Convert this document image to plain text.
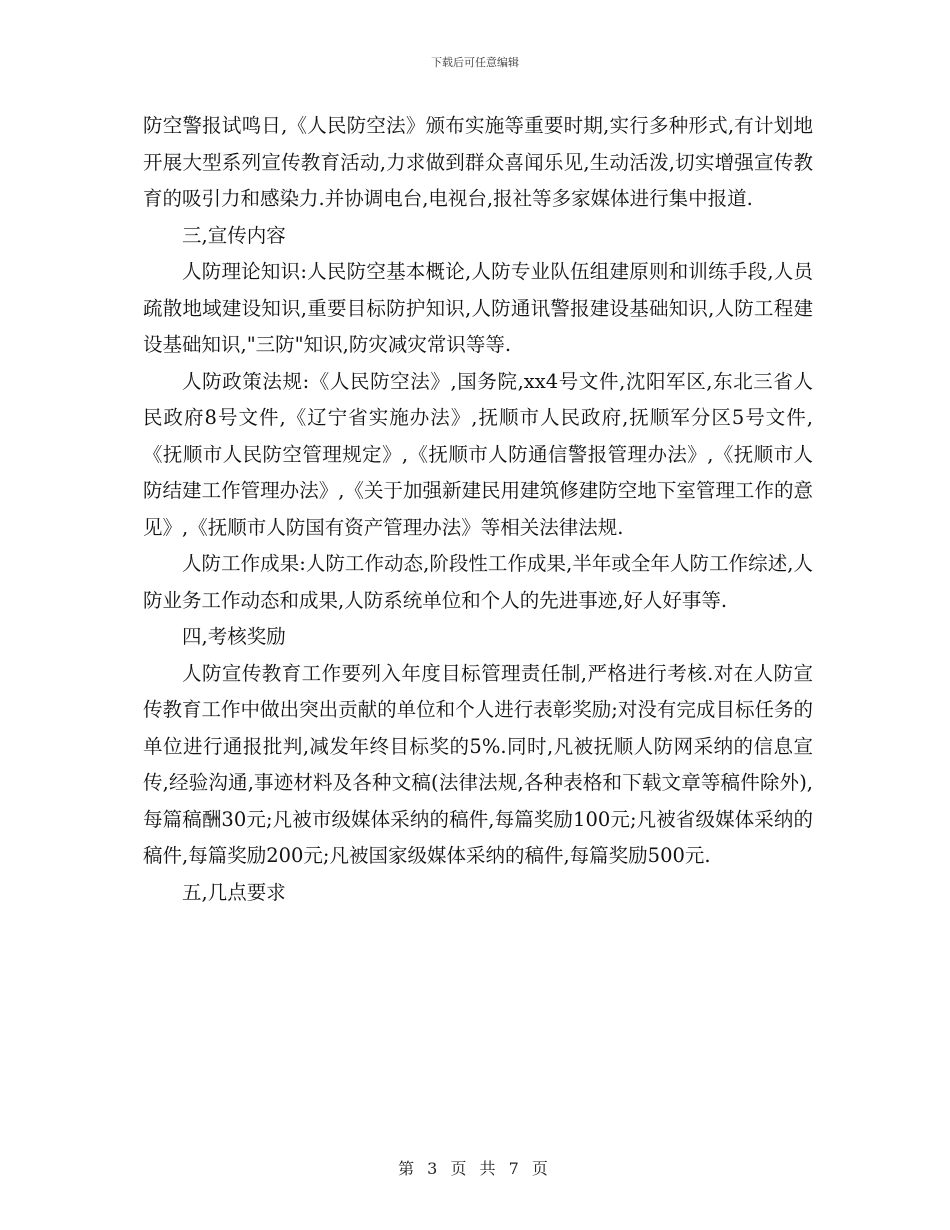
下载后可任意编辑

防空警报试鸣日,《人民防空法》颁布实施等重要时期,实行多种形式,有计划地开展大型系列宣传教育活动,力求做到群众喜闻乐见,生动活泼,切实增强宣传教育的吸引力和感染力.并协调电台,电视台,报社等多家媒体进行集中报道.

三,宣传内容

人防理论知识:人民防空基本概论,人防专业队伍组建原则和训练手段,人员疏散地域建设知识,重要目标防护知识,人防通讯警报建设基础知识,人防工程建设基础知识,"三防"知识,防灾减灾常识等等.

人防政策法规:《人民防空法》,国务院,xx4号文件,沈阳军区,东北三省人民政府8号文件,《辽宁省实施办法》,抚顺市人民政府,抚顺军分区5号文件,《抚顺市人民防空管理规定》,《抚顺市人防通信警报管理办法》,《抚顺市人防结建工作管理办法》,《关于加强新建民用建筑修建防空地下室管理工作的意见》,《抚顺市人防国有资产管理办法》等相关法律法规.

人防工作成果:人防工作动态,阶段性工作成果,半年或全年人防工作综述,人防业务工作动态和成果,人防系统单位和个人的先进事迹,好人好事等.

四,考核奖励

人防宣传教育工作要列入年度目标管理责任制,严格进行考核.对在人防宣传教育工作中做出突出贡献的单位和个人进行表彰奖励;对没有完成目标任务的单位进行通报批判,减发年终目标奖的5%.同时,凡被抚顺人防网采纳的信息宣传,经验沟通,事迹材料及各种文稿(法律法规,各种表格和下载文章等稿件除外),每篇稿酬30元;凡被市级媒体采纳的稿件,每篇奖励100元;凡被省级媒体采纳的稿件,每篇奖励200元;凡被国家级媒体采纳的稿件,每篇奖励500元.

五,几点要求

第 3 页 共 7 页
